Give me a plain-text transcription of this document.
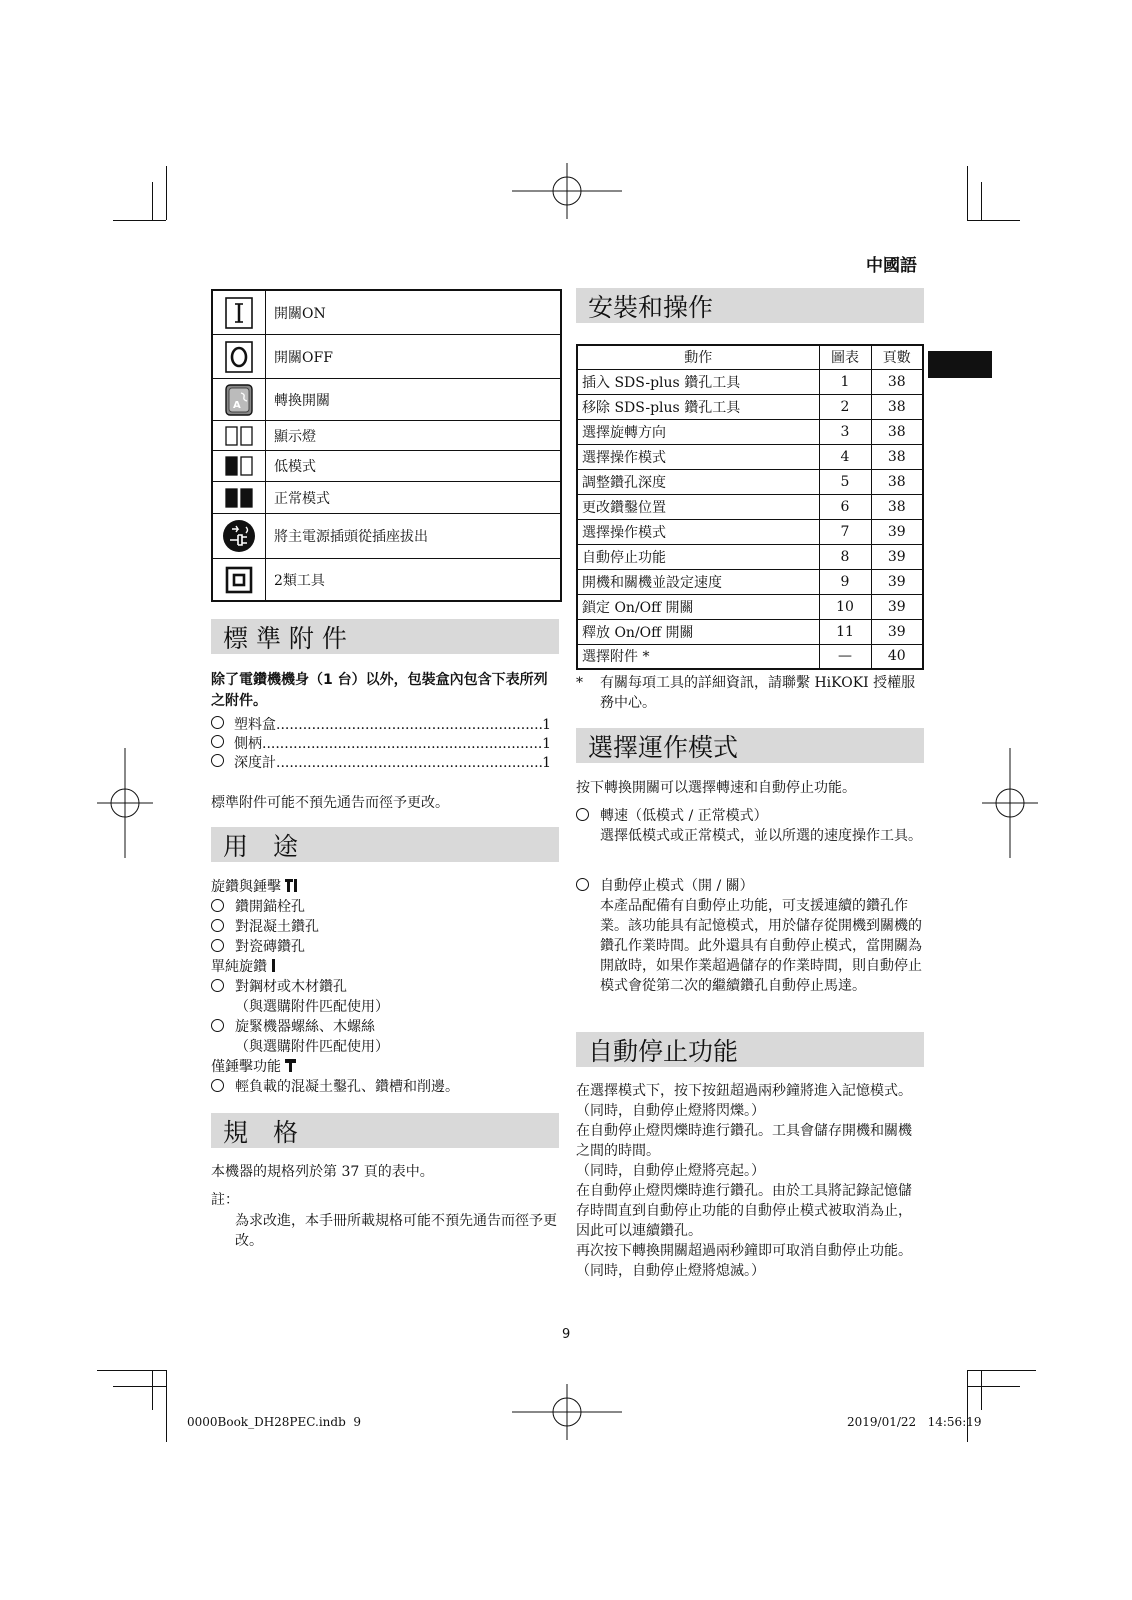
中國語
開關ON
開關OFF
A	轉換開關
顯示燈
低模式
正常模式
將主電源插頭從插座拔出
2類工具
標 準 附 件
除了電鑽機機身（1 台）以外，包裝盒內包含下表所列之附件。
塑料盒 .....	1
側柄 .....	1
深度計 .....	1
標準附件可能不預先通告而徑予更改。
用　途
旋鑽與錘擊
鑽開錨栓孔
對混凝土鑽孔
對瓷磚鑽孔
單純旋鑽
對鋼材或木材鑽孔
（與選購附件匹配使用）
旋緊機器螺絲、木螺絲
（與選購附件匹配使用）
僅錘擊功能
輕負載的混凝土鑿孔、鑽槽和削邊。
規　格
本機器的規格列於第 37 頁的表中。
註：
為求改進，本手冊所載規格可能不預先通告而徑予更改。
安裝和操作
動作	圖表	頁數
插入 SDS-plus 鑽孔工具	1	38
移除 SDS-plus 鑽孔工具	2	38
選擇旋轉方向	3	38
選擇操作模式	4	38
調整鑽孔深度	5	38
更改鑽鑿位置	6	38
選擇操作模式	7	39
自動停止功能	8	39
開機和關機並設定速度	9	39
鎖定 On/Off 開關	10	39
釋放 On/Off 開關	11	39
選擇附件 *	—	40
*	有關每項工具的詳細資訊，請聯繫 HiKOKI 授權服務中心。
選擇運作模式
按下轉換開關可以選擇轉速和自動停止功能。
轉速（低模式 / 正常模式）
選擇低模式或正常模式，並以所選的速度操作工具。
自動停止模式（開 / 關）
本產品配備有自動停止功能，可支援連續的鑽孔作業。該功能具有記憶模式，用於儲存從開機到關機的鑽孔作業時間。此外還具有自動停止模式，當開關為開啟時，如果作業超過儲存的作業時間，則自動停止模式會從第二次的繼續鑽孔自動停止馬達。
自動停止功能
在選擇模式下，按下按鈕超過兩秒鐘將進入記憶模式。
（同時，自動停止燈將閃爍。）
在自動停止燈閃爍時進行鑽孔。工具會儲存開機和關機之間的時間。
（同時，自動停止燈將亮起。）
在自動停止燈閃爍時進行鑽孔。由於工具將記錄記憶儲存時間直到自動停止功能的自動停止模式被取消為止，因此可以連續鑽孔。
再次按下轉換開關超過兩秒鐘即可取消自動停止功能。
（同時，自動停止燈將熄滅。）
9
0000Book_DH28PEC.indb  9	2019/01/22   14:56:19
